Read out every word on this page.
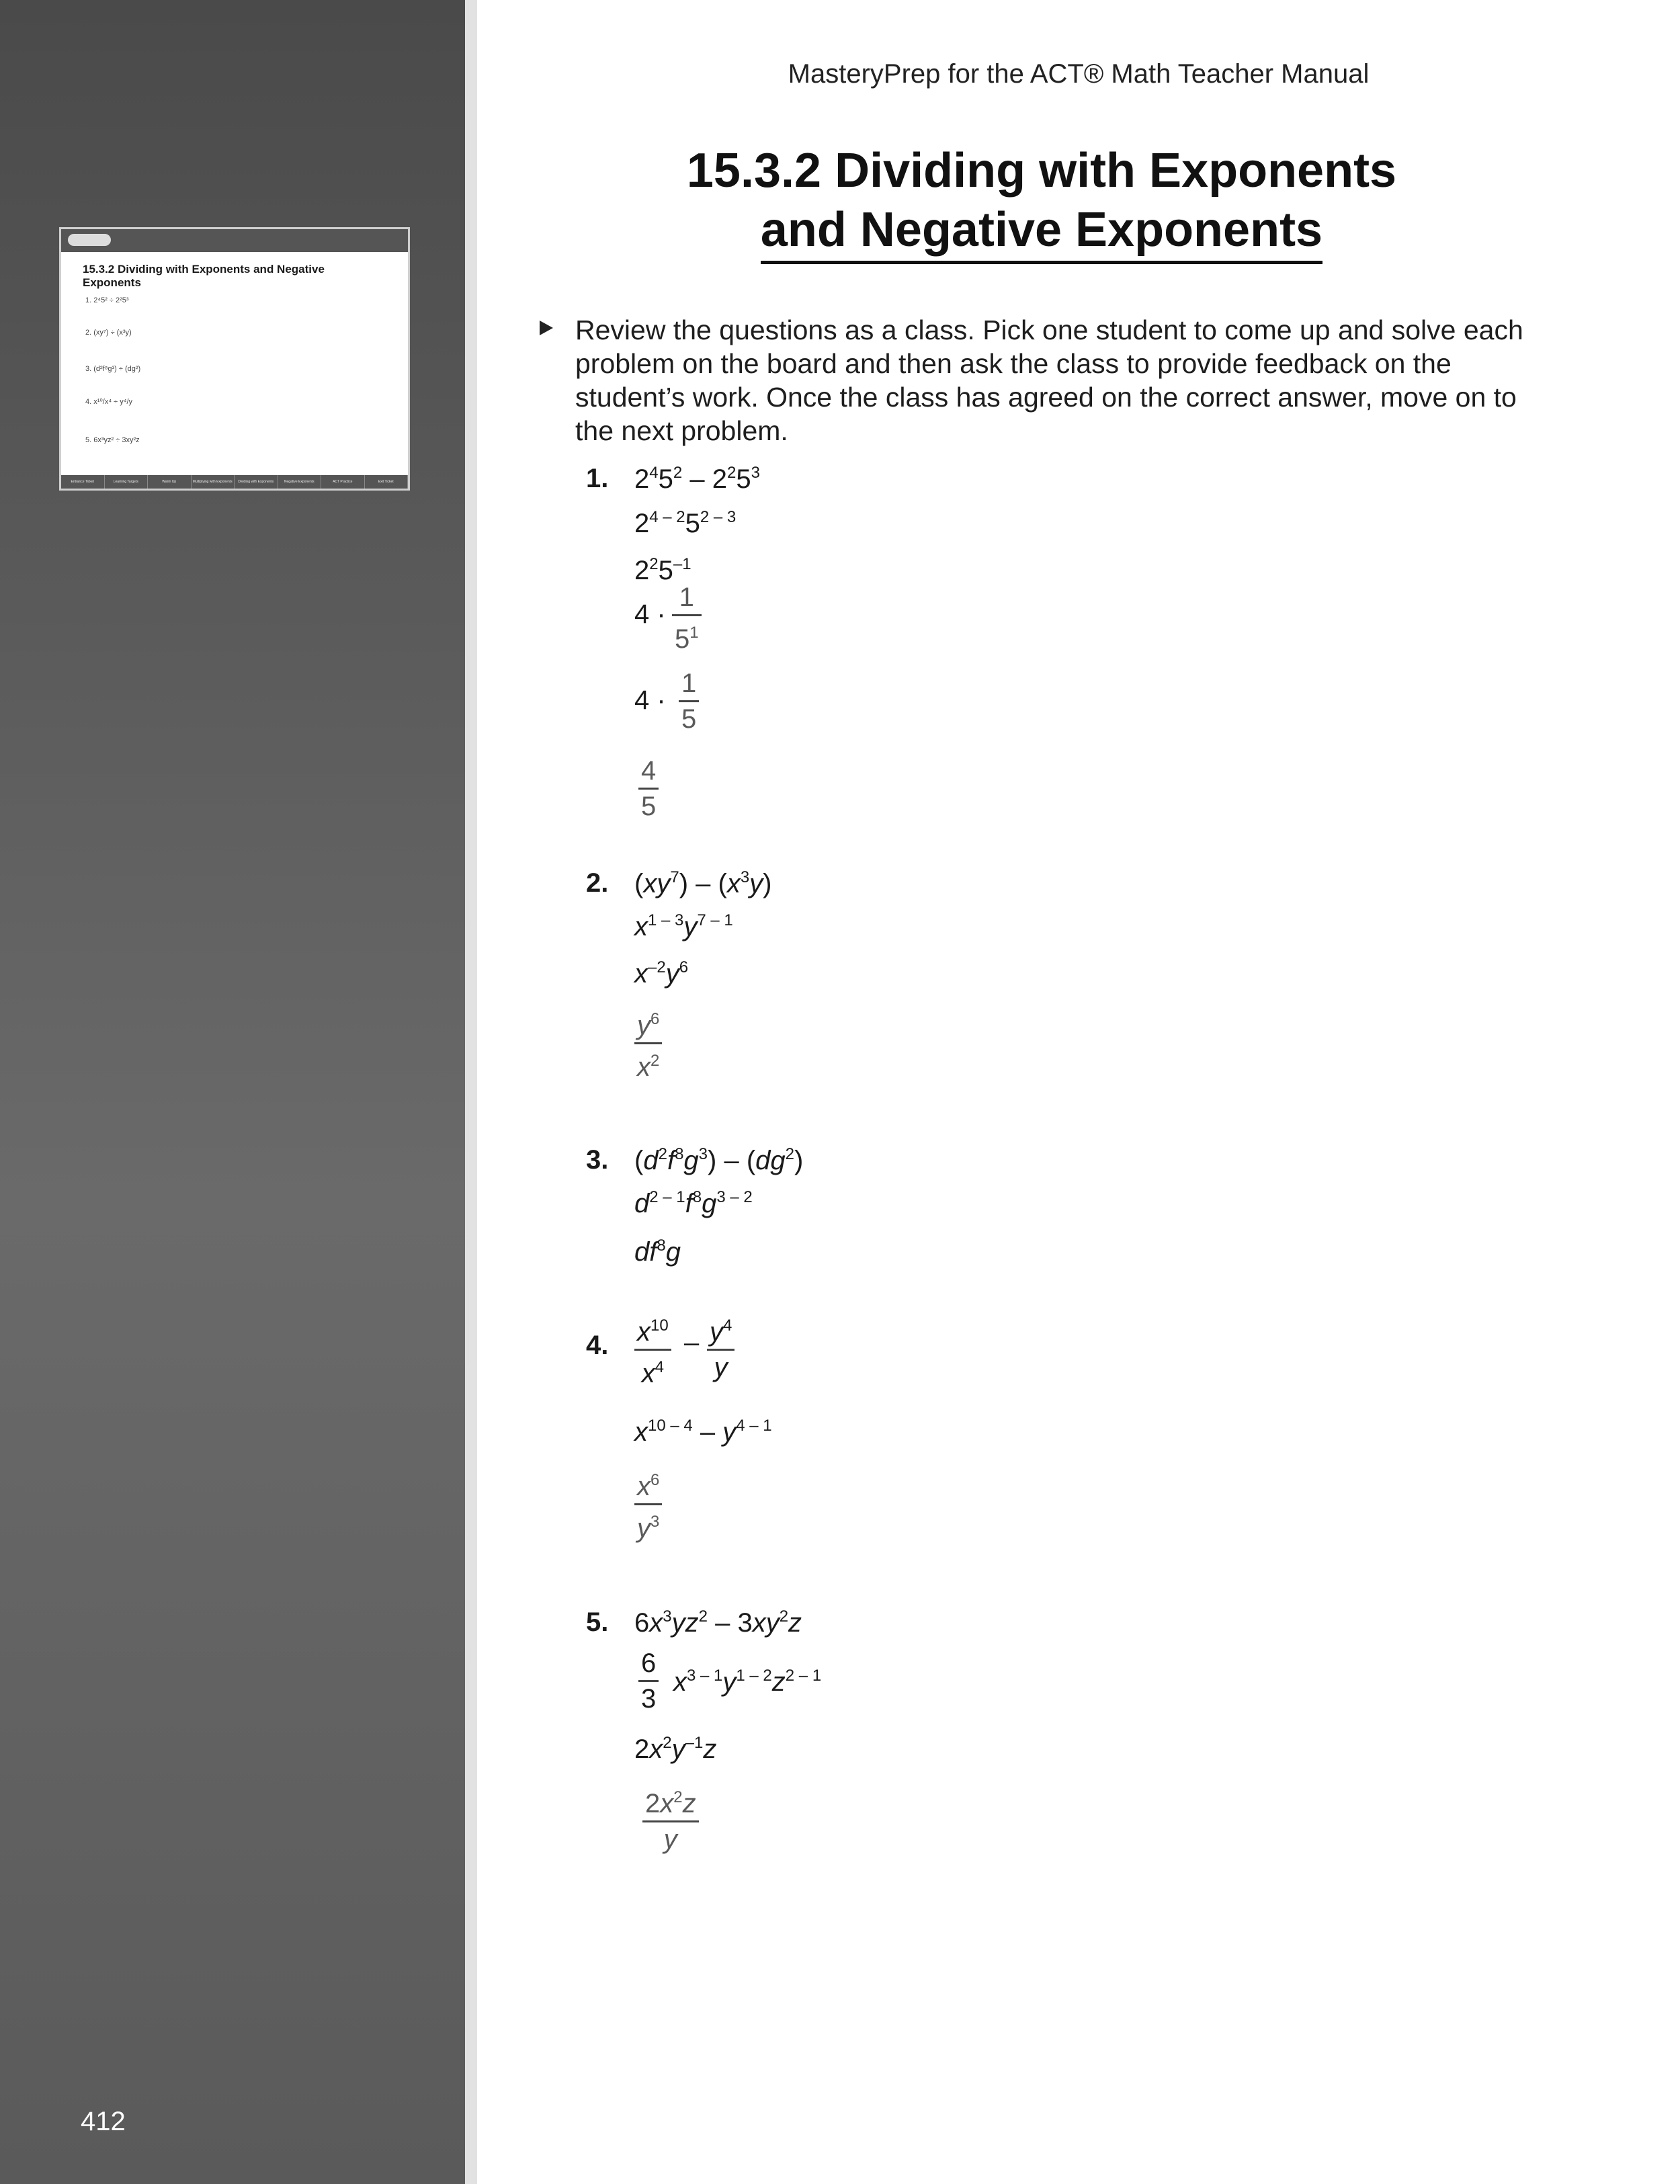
15.3.2 Dividing with Exponents and Negative Exponents
1. 2⁴5² ÷ 2²5³
2. (xy⁷) ÷ (x³y)
3. (d²f⁸g³) ÷ (dg²)
4. x¹⁰/x⁴ ÷ y⁴/y
5. 6x³yz² ÷ 3xy²z
Entrance Ticket	Learning Targets	Warm Up	Multiplying with Exponents	Dividing with Exponents	Negative Exponents	ACT Practice	Exit Ticket
412
MasteryPrep for the ACT® Math Teacher Manual
15.3.2 Dividing with Exponents
and Negative Exponents
Review the questions as a class. Pick one student to come up and solve each problem on the board and then ask the class to provide feedback on the student’s work. Once the class has agreed on the correct answer, move on to the next problem.
1. $2^45^2 - 2^25^3$
2$^{4 - 2}$5$^{2 - 3}$
$2^25^{-1}$
$4 \cdot \frac{1}{5^1}$
$4 \cdot \frac{1}{5}$
$\frac{4}{5}$
2. $(xy^7) - (x^3y)$
$x^{1 - 3}y^{7 - 1}$
$x^{-2}y^6$
$\frac{y^6}{x^2}$
3. $(d^2f^8g^3) - (dg^2)$
$d^{2 - 1}f^8g^{3 - 2}$
$df^8g$
4. $\frac{x^{10}}{x^4} - \frac{y^4}{y}$
$x^{10 - 4} - y^{4 - 1}$
$\frac{x^6}{y^3}$
5. $6x^3yz^2 - 3xy^2z$
$\frac{6}{3} x^{3 - 1}y^{1 - 2}z^{2 - 1}$
$2x^2y^{-1}z$
$\frac{2x^2z}{y}$
